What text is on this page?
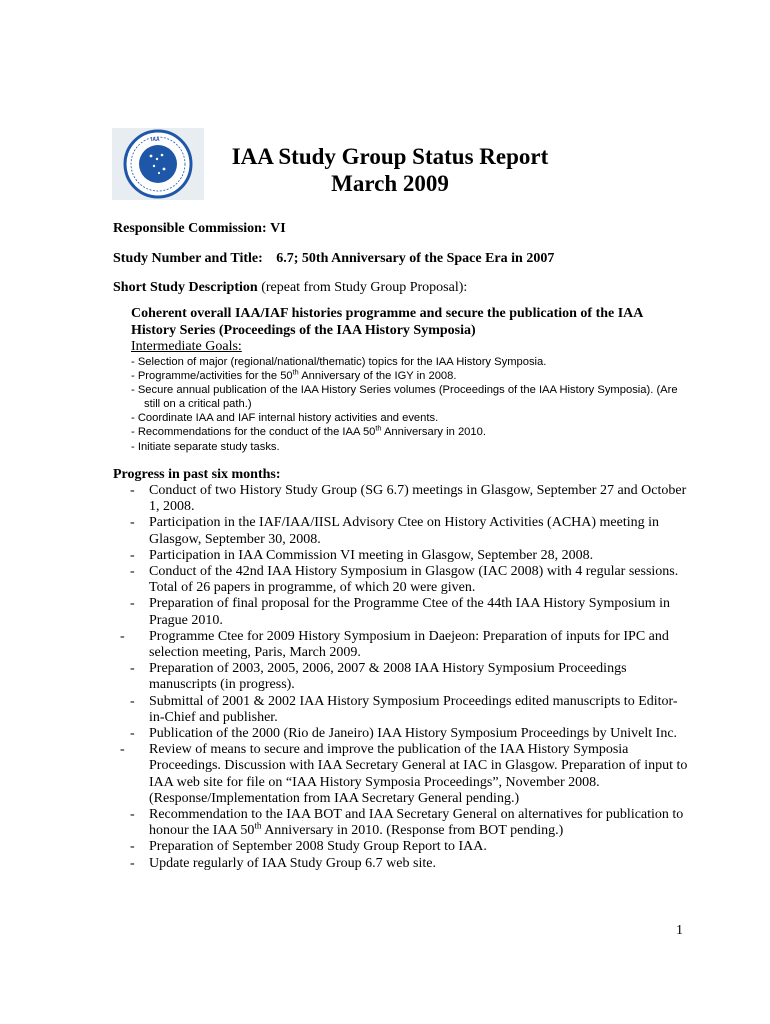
IAA
IAA Study Group Status Report
March 2009
Responsible Commission: VI
Study Number and Title: 6.7; 50th Anniversary of the Space Era in 2007
Short Study Description (repeat from Study Group Proposal):
Coherent overall IAA/IAF histories programme and secure the publication of the IAA History Series (Proceedings of the IAA History Symposia)
Intermediate Goals:
- Selection of major (regional/national/thematic) topics for the IAA History Symposia.
- Programme/activities for the 50th Anniversary of the IGY in 2008.
- Secure annual publication of the IAA History Series volumes (Proceedings of the IAA History Symposia). (Are still on a critical path.)
- Coordinate IAA and IAF internal history activities and events.
- Recommendations for the conduct of the IAA 50th Anniversary in 2010.
- Initiate separate study tasks.
Progress in past six months:
- Conduct of two History Study Group (SG 6.7) meetings in Glasgow, September 27 and October 1, 2008.
- Participation in the IAF/IAA/IISL Advisory Ctee on History Activities (ACHA) meeting in Glasgow, September 30, 2008.
- Participation in IAA Commission VI meeting in Glasgow, September 28, 2008.
- Conduct of the 42nd IAA History Symposium in Glasgow (IAC 2008) with 4 regular sessions. Total of 26 papers in programme, of which 20 were given.
- Preparation of final proposal for the Programme Ctee of the 44th IAA History Symposium in Prague 2010.
- Programme Ctee for 2009 History Symposium in Daejeon: Preparation of inputs for IPC and selection meeting, Paris, March 2009.
- Preparation of 2003, 2005, 2006, 2007 & 2008 IAA History Symposium Proceedings manuscripts (in progress).
- Submittal of 2001 & 2002 IAA History Symposium Proceedings edited manuscripts to Editor-in-Chief and publisher.
- Publication of the 2000 (Rio de Janeiro) IAA History Symposium Proceedings by Univelt Inc.
- Review of means to secure and improve the publication of the IAA History Symposia Proceedings. Discussion with IAA Secretary General at IAC in Glasgow. Preparation of input to IAA web site for file on “IAA History Symposia Proceedings”, November 2008. (Response/Implementation from IAA Secretary General pending.)
- Recommendation to the IAA BOT and IAA Secretary General on alternatives for publication to honour the IAA 50th Anniversary in 2010. (Response from BOT pending.)
- Preparation of September 2008 Study Group Report to IAA.
- Update regularly of IAA Study Group 6.7 web site.
1
